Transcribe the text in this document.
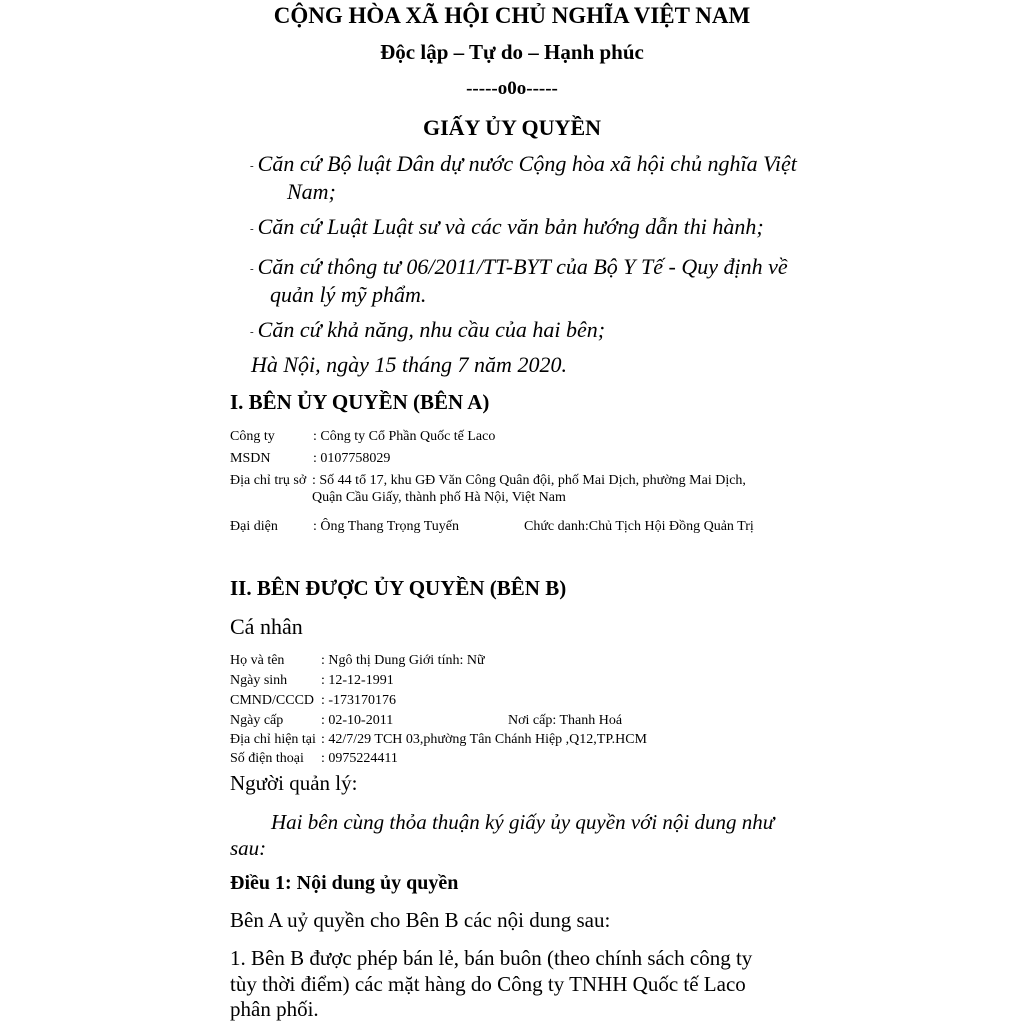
CỘNG HÒA XÃ HỘI CHỦ NGHĨA VIỆT NAM
Độc lập – Tự do – Hạnh phúc
-----o0o-----
GIẤY ỦY QUYỀN
- Căn cứ Bộ luật Dân dự nước Cộng hòa xã hội chủ nghĩa Việt
Nam;
- Căn cứ Luật Luật sư và các văn bản hướng dẫn thi hành;
- Căn cứ thông tư 06/2011/TT-BYT của Bộ Y Tế - Quy định về
quản lý mỹ phẩm.
- Căn cứ khả năng, nhu cầu của hai bên;
Hà Nội, ngày 15 tháng 7 năm 2020.
I. BÊN ỦY QUYỀN (BÊN A)
Công ty	: Công ty Cổ Phần Quốc tế Laco
MSDN	: 0107758029
Địa chỉ trụ sở : Số 44 tổ 17, khu GĐ Văn Công Quân đội, phố Mai Dịch, phường Mai Dịch,
Quận Cầu Giấy, thành phố Hà Nội, Việt Nam
Đại diện	: Ông Thang Trọng Tuyến	Chức danh:Chủ Tịch Hội Đồng Quản Trị
II. BÊN ĐƯỢC ỦY QUYỀN (BÊN B)
Cá nhân
Họ và tên	: Ngô thị Dung Giới tính: Nữ
Ngày sinh : 12-12-1991
CMND/CCCD : -173170176
Ngày cấp	: 02-10-2011	Nơi cấp: Thanh Hoá
Địa chỉ hiện tại : 42/7/29 TCH 03,phường Tân Chánh Hiệp ,Q12,TP.HCM
Số điện thoại : 0975224411
Người quản lý:
Hai bên cùng thỏa thuận ký giấy ủy quyền với nội dung như
sau:
Điều 1: Nội dung ủy quyền
Bên A uỷ quyền cho Bên B các nội dung sau:
1. Bên B được phép bán lẻ, bán buôn (theo chính sách công ty
tùy thời điểm) các mặt hàng do Công ty TNHH Quốc tế Laco
phân phối.
